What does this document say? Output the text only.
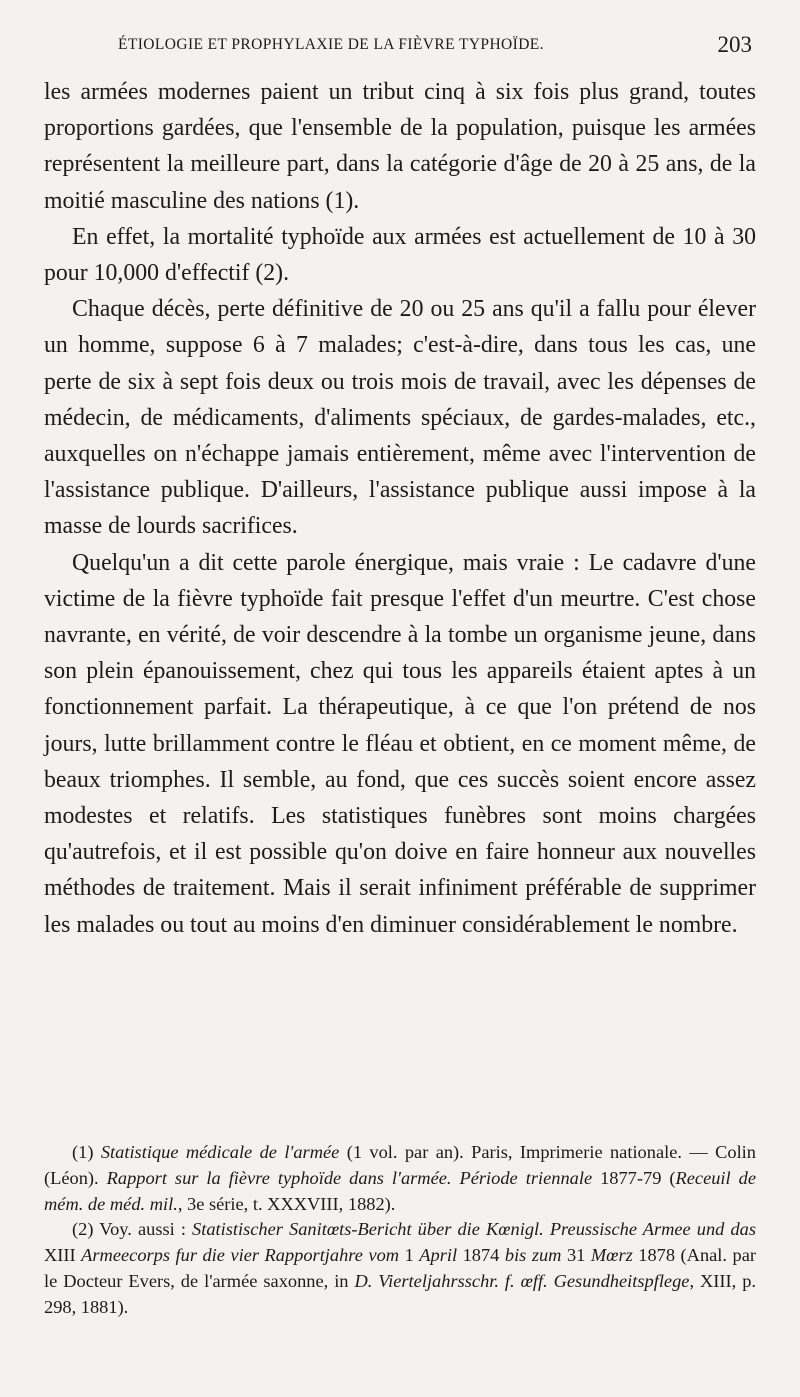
ÉTIOLOGIE ET PROPHYLAXIE DE LA FIÈVRE TYPHOÏDE.	203

les armées modernes paient un tribut cinq à six fois plus grand, toutes proportions gardées, que l'ensemble de la population, puisque les armées représentent la meilleure part, dans la catégorie d'âge de 20 à 25 ans, de la moitié masculine des nations (1).

En effet, la mortalité typhoïde aux armées est actuellement de 10 à 30 pour 10,000 d'effectif (2).

Chaque décès, perte définitive de 20 ou 25 ans qu'il a fallu pour élever un homme, suppose 6 à 7 malades; c'est-à-dire, dans tous les cas, une perte de six à sept fois deux ou trois mois de travail, avec les dépenses de médecin, de médicaments, d'aliments spéciaux, de gardes-malades, etc., auxquelles on n'échappe jamais entièrement, même avec l'intervention de l'assistance publique. D'ailleurs, l'assistance publique aussi impose à la masse de lourds sacrifices.

Quelqu'un a dit cette parole énergique, mais vraie : Le cadavre d'une victime de la fièvre typhoïde fait presque l'effet d'un meurtre. C'est chose navrante, en vérité, de voir descendre à la tombe un organisme jeune, dans son plein épanouissement, chez qui tous les appareils étaient aptes à un fonctionnement parfait. La thérapeutique, à ce que l'on prétend de nos jours, lutte brillamment contre le fléau et obtient, en ce moment même, de beaux triomphes. Il semble, au fond, que ces succès soient encore assez modestes et relatifs. Les statistiques funèbres sont moins chargées qu'autrefois, et il est possible qu'on doive en faire honneur aux nouvelles méthodes de traitement. Mais il serait infiniment préférable de supprimer les malades ou tout au moins d'en diminuer considérablement le nombre.

(1) Statistique médicale de l'armée (1 vol. par an). Paris, Imprimerie nationale. — Colin (Léon). Rapport sur la fièvre typhoïde dans l'armée. Période triennale 1877-79 (Receuil de mém. de méd. mil., 3e série, t. XXXVIII, 1882).

(2) Voy. aussi : Statistischer Sanitœts-Bericht über die Kœnigl. Preussische Armee und das XIII Armeecorps fur die vier Rapportjahre vom 1 April 1874 bis zum 31 Mœrz 1878 (Anal. par le Docteur Evers, de l'armée saxonne, in D. Vierteljahrsschr. f. œff. Gesundheitspflege, XIII, p. 298, 1881).
